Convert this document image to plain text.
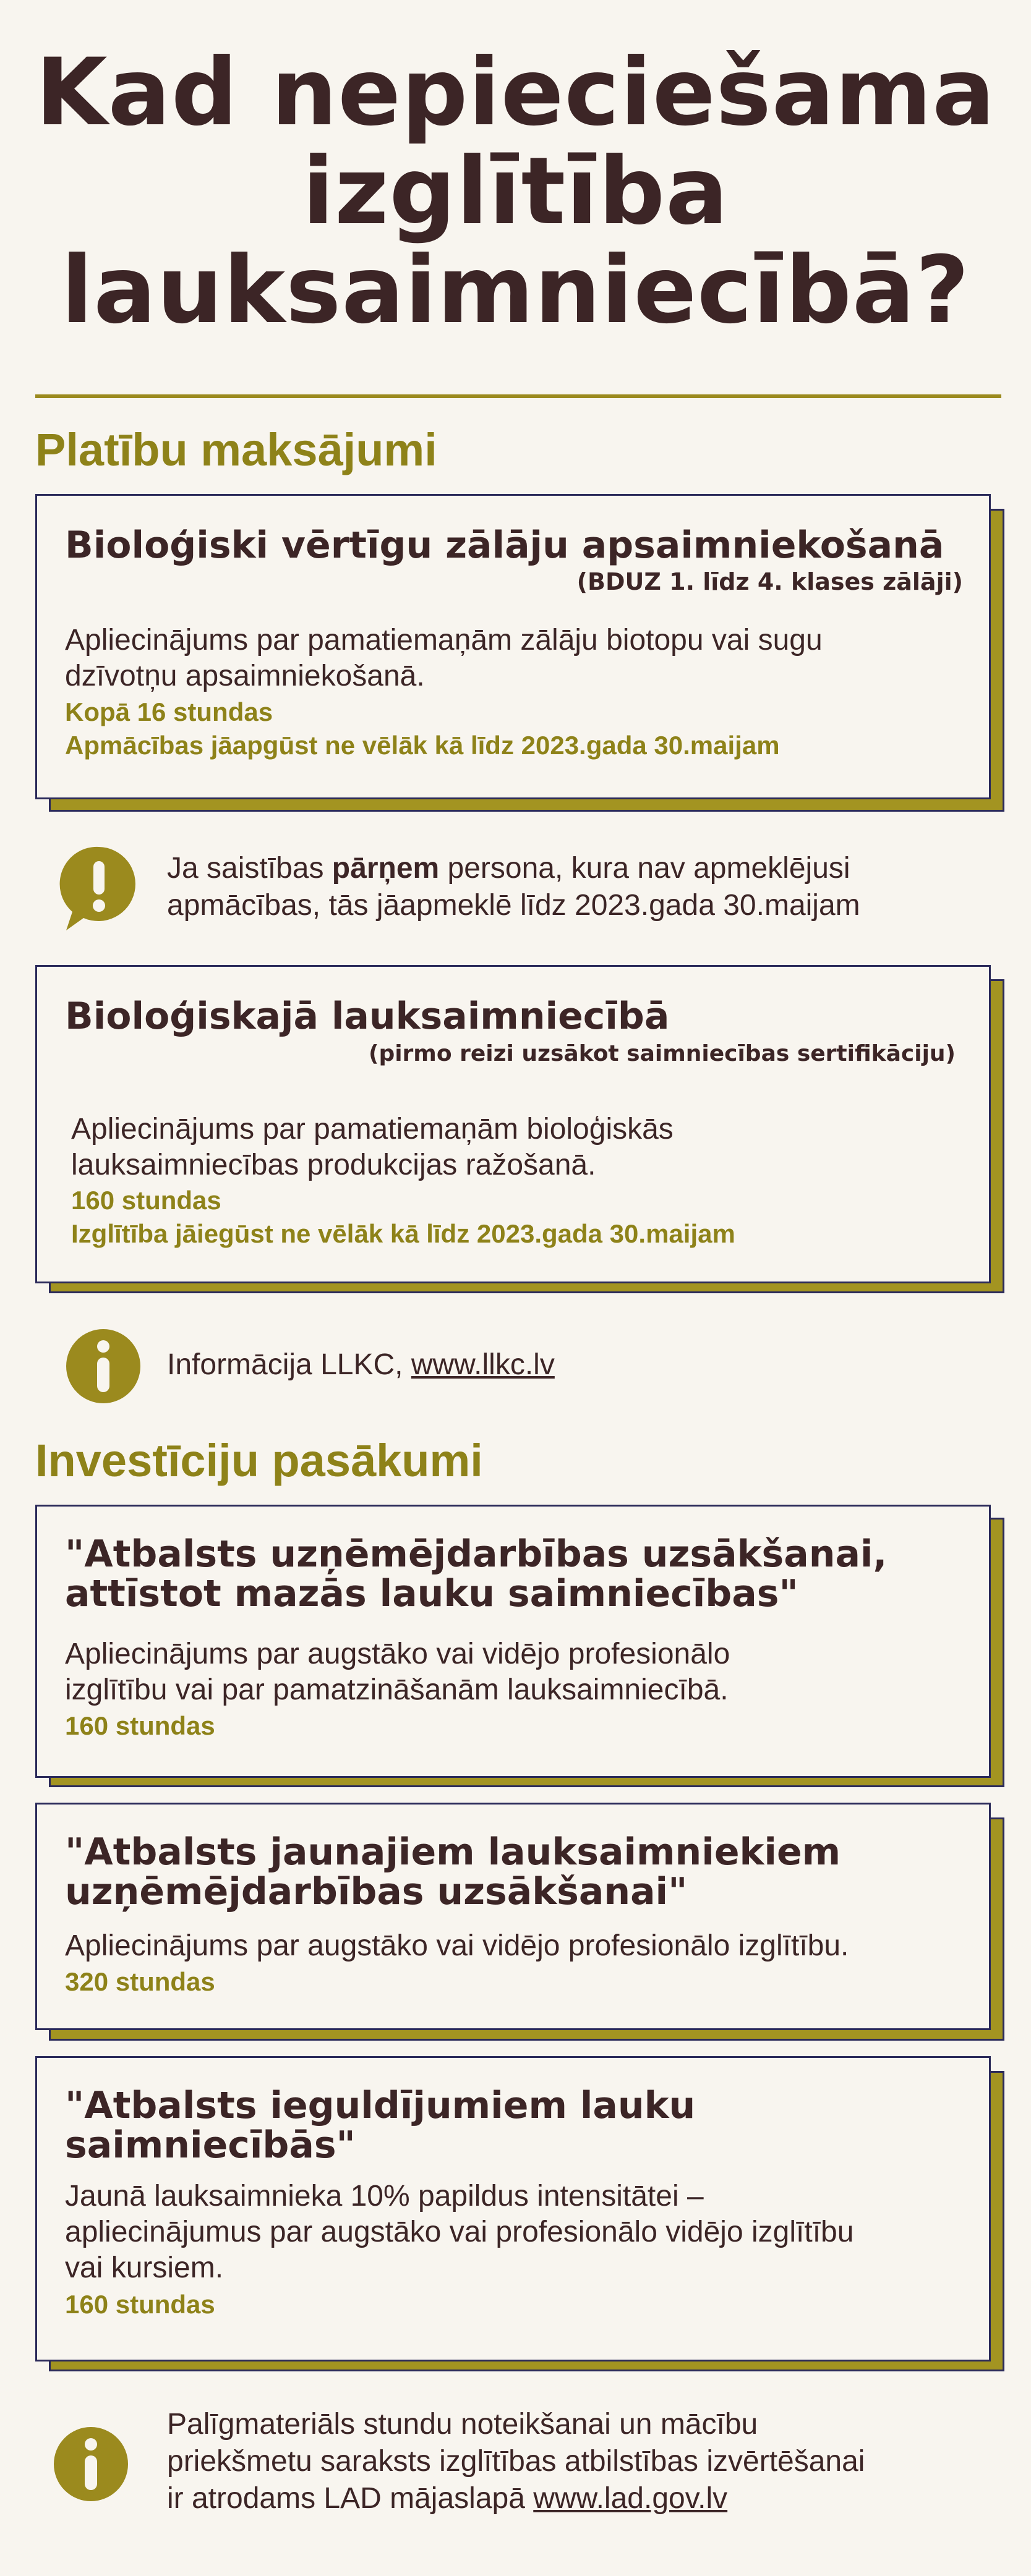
Kad nepieciešama
izglītība
lauksaimniecībā?
Platību maksājumi
Bioloģiski vērtīgu zālāju apsaimniekošanā
(BDUZ 1. līdz 4. klases zālāji)
Apliecinājums par pamatiemaņām zālāju biotopu vai sugu
dzīvotņu apsaimniekošanā.
Kopā 16 stundas
Apmācības jāapgūst ne vēlāk kā līdz 2023.gada 30.maijam
Ja saistības pārņem persona, kura nav apmeklējusi
apmācības, tās jāapmeklē līdz 2023.gada 30.maijam
Bioloģiskajā lauksaimniecībā
(pirmo reizi uzsākot saimniecības sertifikāciju)
Apliecinājums par pamatiemaņām bioloģiskās
lauksaimniecības produkcijas ražošanā.
160 stundas
Izglītība jāiegūst ne vēlāk kā līdz 2023.gada 30.maijam
Informācija LLKC, www.llkc.lv
Investīciju pasākumi
"Atbalsts uzņēmējdarbības uzsākšanai,
attīstot mazās lauku saimniecības"
Apliecinājums par augstāko vai vidējo profesionālo
izglītību vai par pamatzināšanām lauksaimniecībā.
160 stundas
"Atbalsts jaunajiem lauksaimniekiem
uzņēmējdarbības uzsākšanai"
Apliecinājums par augstāko vai vidējo profesionālo izglītību.
320 stundas
"Atbalsts ieguldījumiem lauku
saimniecībās"
Jaunā lauksaimnieka 10% papildus intensitātei –
apliecinājumus par augstāko vai profesionālo vidējo izglītību
vai kursiem.
160 stundas
Palīgmateriāls stundu noteikšanai un mācību
priekšmetu saraksts izglītības atbilstības izvērtēšanai
ir atrodams LAD mājaslapā www.lad.gov.lv
